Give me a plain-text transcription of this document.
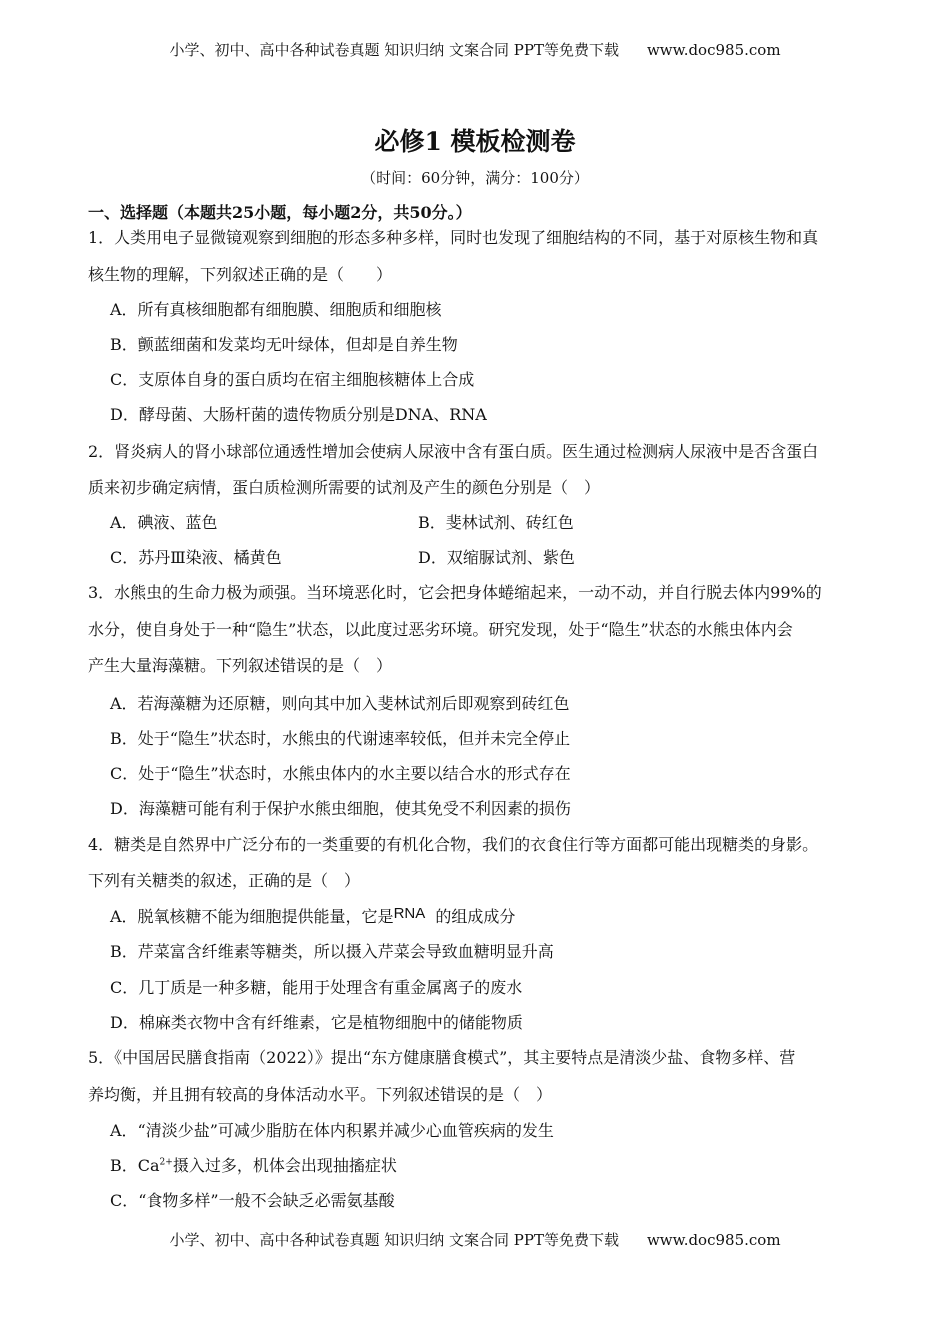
小学、初中、高中各种试卷真题 知识归纳 文案合同 PPT等免费下载 www.doc985.com
必修1 模板检测卷
（时间：60分钟，满分：100分）
一、选择题（本题共25小题，每小题2分，共50分。）
1．人类用电子显微镜观察到细胞的形态多种多样，同时也发现了细胞结构的不同，基于对原核生物和真
核生物的理解，下列叙述正确的是（　　）
A．所有真核细胞都有细胞膜、细胞质和细胞核
B．颤蓝细菌和发菜均无叶绿体，但却是自养生物
C．支原体自身的蛋白质均在宿主细胞核糖体上合成
D．酵母菌、大肠杆菌的遗传物质分别是DNA、RNA
2．肾炎病人的肾小球部位通透性增加会使病人尿液中含有蛋白质。医生通过检测病人尿液中是否含蛋白
质来初步确定病情，蛋白质检测所需要的试剂及产生的颜色分别是（　）
A．碘液、蓝色	B．斐林试剂、砖红色
C．苏丹Ⅲ染液、橘黄色	D．双缩脲试剂、紫色
3．水熊虫的生命力极为顽强。当环境恶化时，它会把身体蜷缩起来，一动不动，并自行脱去体内99%的
水分，使自身处于一种“隐生”状态，以此度过恶劣环境。研究发现，处于“隐生”状态的水熊虫体内会
产生大量海藻糖。下列叙述错误的是（　）
A．若海藻糖为还原糖，则向其中加入斐林试剂后即观察到砖红色
B．处于“隐生”状态时，水熊虫的代谢速率较低，但并未完全停止
C．处于“隐生”状态时，水熊虫体内的水主要以结合水的形式存在
D．海藻糖可能有利于保护水熊虫细胞，使其免受不利因素的损伤
4．糖类是自然界中广泛分布的一类重要的有机化合物，我们的衣食住行等方面都可能出现糖类的身影。
下列有关糖类的叙述，正确的是（　）
A．脱氧核糖不能为细胞提供能量，它是RNA 的组成成分
B．芹菜富含纤维素等糖类，所以摄入芹菜会导致血糖明显升高
C．几丁质是一种多糖，能用于处理含有重金属离子的废水
D．棉麻类衣物中含有纤维素，它是植物细胞中的储能物质
5．《中国居民膳食指南（2022）》提出“东方健康膳食模式”，其主要特点是清淡少盐、食物多样、营
养均衡，并且拥有较高的身体活动水平。下列叙述错误的是（　）
A．“清淡少盐”可减少脂肪在体内积累并减少心血管疾病的发生
B．$Ca^{2+}$摄入过多，机体会出现抽搐症状
C．“食物多样”一般不会缺乏必需氨基酸
小学、初中、高中各种试卷真题 知识归纳 文案合同 PPT等免费下载 www.doc985.com
